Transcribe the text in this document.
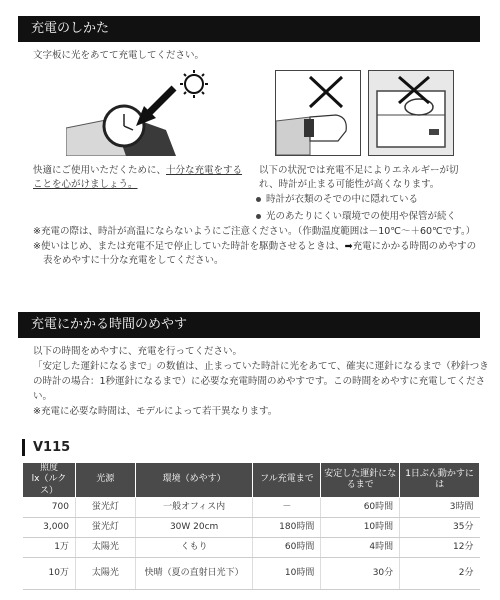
充電のしかた
文字板に光をあてて充電してください。
快適にご使用いただくために、十分な充電をする
ことを心がけましょう。
以下の状況では充電不足によりエネルギーが切
れ、時計が止まる可能性が高くなります。
時計が衣類のそでの中に隠れている
光のあたりにくい環境での使用や保管が続く
※充電の際は、時計が高温にならないようにご注意ください。（作動温度範囲は－10℃～＋60℃です。）
※使いはじめ、または充電不足で停止していた時計を駆動させるときは、➡充電にかかる時間のめやすの
表をめやすに十分な充電をしてください。
充電にかかる時間のめやす
以下の時間をめやすに、充電を行ってください。
「安定した運針になるまで」の数値は、止まっていた時計に光をあてて、確実に運針になるまで（秒針つき
の時計の場合：1秒運針になるまで）に必要な充電時間のめやすです。この時間をめやすに充電してくださ
い。
※充電に必要な時間は、モデルによって若干異なります。
V115
照度
lx（ルクス）	光源	環境（めやす）	フル充電まで	安定した運針になるまで	1日ぶん動かすには
700	蛍光灯	一般オフィス内	－	60時間	3時間
3,000	蛍光灯	30W 20cm	180時間	10時間	35分
1万	太陽光	くもり	60時間	4時間	12分
10万	太陽光	快晴（夏の直射日光下）	10時間	30分	2分
